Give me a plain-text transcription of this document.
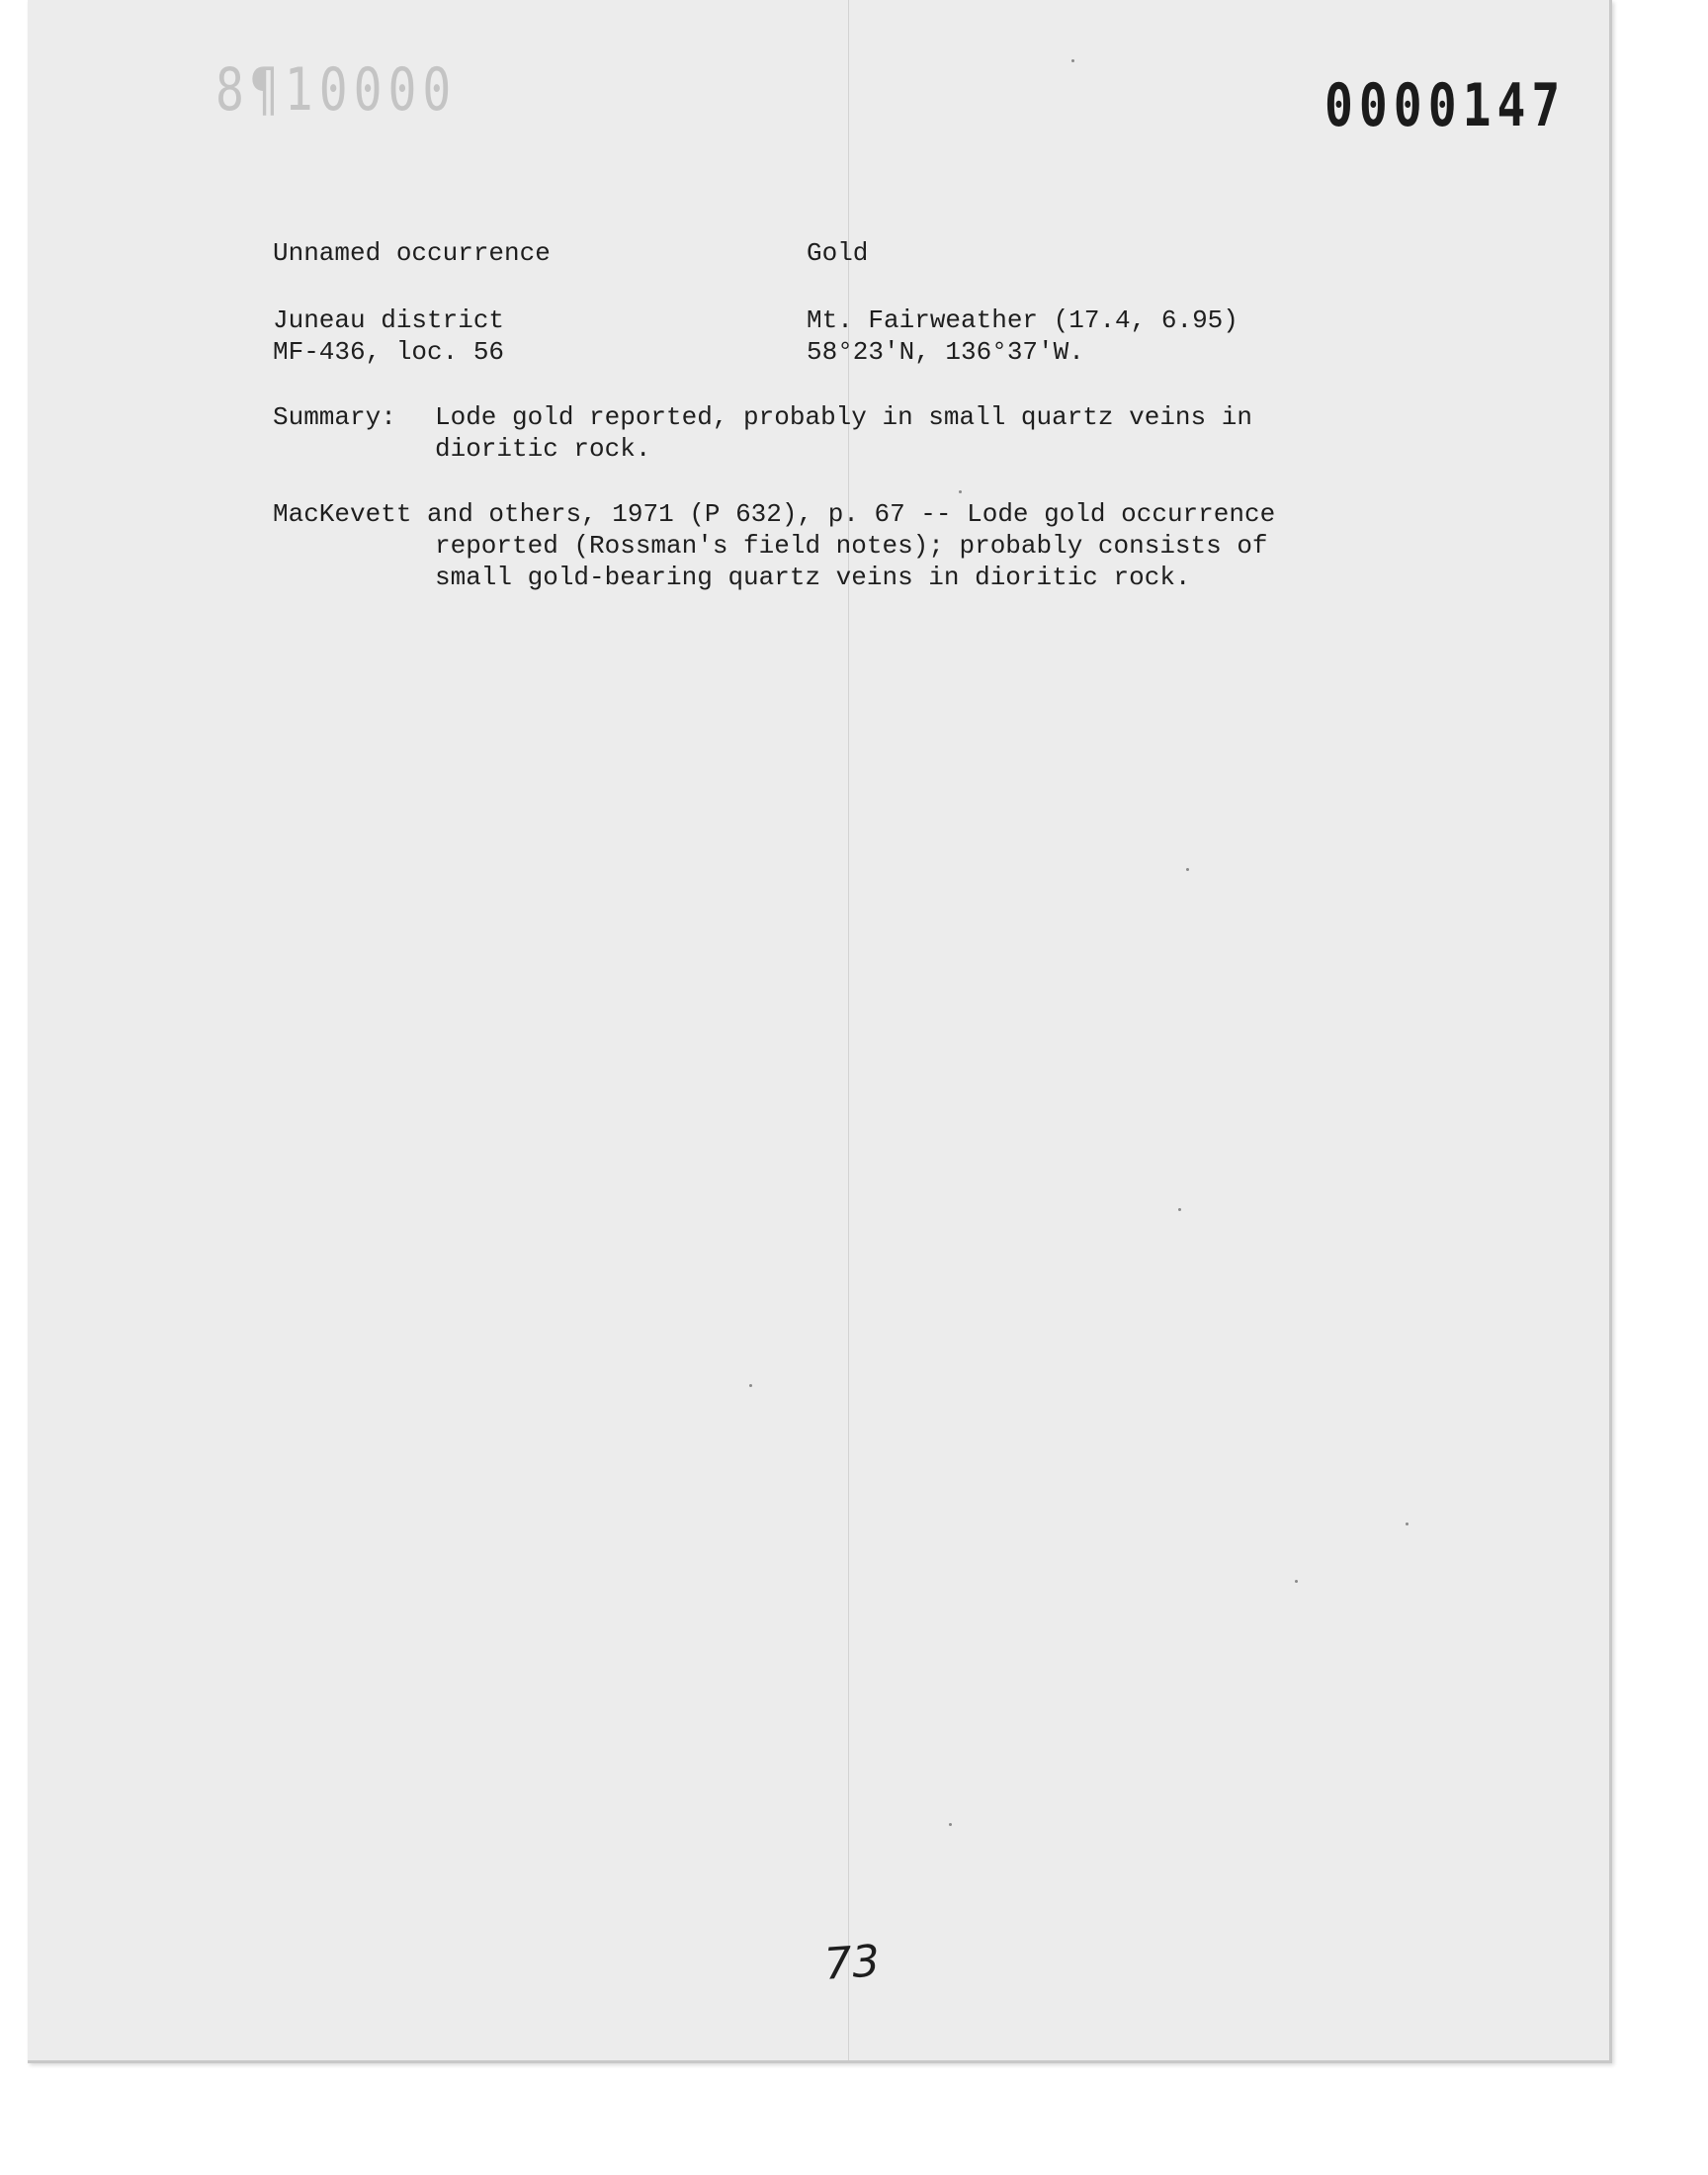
8¶10000	0000147
Unnamed occurrence	Gold
Juneau district
MF-436, loc. 56
Mt. Fairweather (17.4, 6.95)
58°23'N, 136°37'W.
Summary: Lode gold reported, probably in small quartz veins in
dioritic rock.
MacKevett and others, 1971 (P 632), p. 67 -- Lode gold occurrence
reported (Rossman's field notes); probably consists of
small gold-bearing quartz veins in dioritic rock.
73
